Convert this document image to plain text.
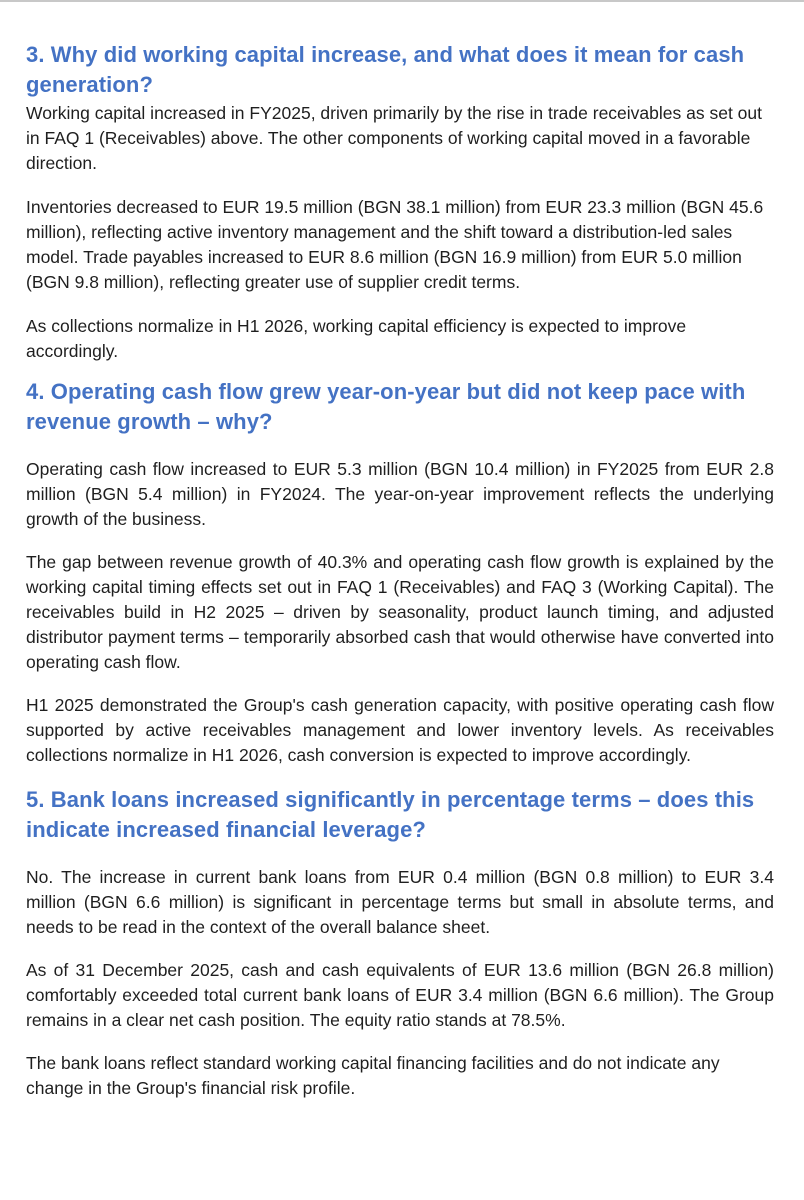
3. Why did working capital increase, and what does it mean for cash generation?

Working capital increased in FY2025, driven primarily by the rise in trade receivables as set out in FAQ 1 (Receivables) above. The other components of working capital moved in a favorable direction.

Inventories decreased to EUR 19.5 million (BGN 38.1 million) from EUR 23.3 million (BGN 45.6 million), reflecting active inventory management and the shift toward a distribution-led sales model. Trade payables increased to EUR 8.6 million (BGN 16.9 million) from EUR 5.0 million (BGN 9.8 million), reflecting greater use of supplier credit terms.

As collections normalize in H1 2026, working capital efficiency is expected to improve accordingly.

4. Operating cash flow grew year-on-year but did not keep pace with revenue growth – why?

Operating cash flow increased to EUR 5.3 million (BGN 10.4 million) in FY2025 from EUR 2.8 million (BGN 5.4 million) in FY2024. The year-on-year improvement reflects the underlying growth of the business.

The gap between revenue growth of 40.3% and operating cash flow growth is explained by the working capital timing effects set out in FAQ 1 (Receivables) and FAQ 3 (Working Capital). The receivables build in H2 2025 – driven by seasonality, product launch timing, and adjusted distributor payment terms – temporarily absorbed cash that would otherwise have converted into operating cash flow.

H1 2025 demonstrated the Group's cash generation capacity, with positive operating cash flow supported by active receivables management and lower inventory levels. As receivables collections normalize in H1 2026, cash conversion is expected to improve accordingly.

5. Bank loans increased significantly in percentage terms – does this indicate increased financial leverage?

No. The increase in current bank loans from EUR 0.4 million (BGN 0.8 million) to EUR 3.4 million (BGN 6.6 million) is significant in percentage terms but small in absolute terms, and needs to be read in the context of the overall balance sheet.

As of 31 December 2025, cash and cash equivalents of EUR 13.6 million (BGN 26.8 million) comfortably exceeded total current bank loans of EUR 3.4 million (BGN 6.6 million). The Group remains in a clear net cash position. The equity ratio stands at 78.5%.

The bank loans reflect standard working capital financing facilities and do not indicate any change in the Group's financial risk profile.
